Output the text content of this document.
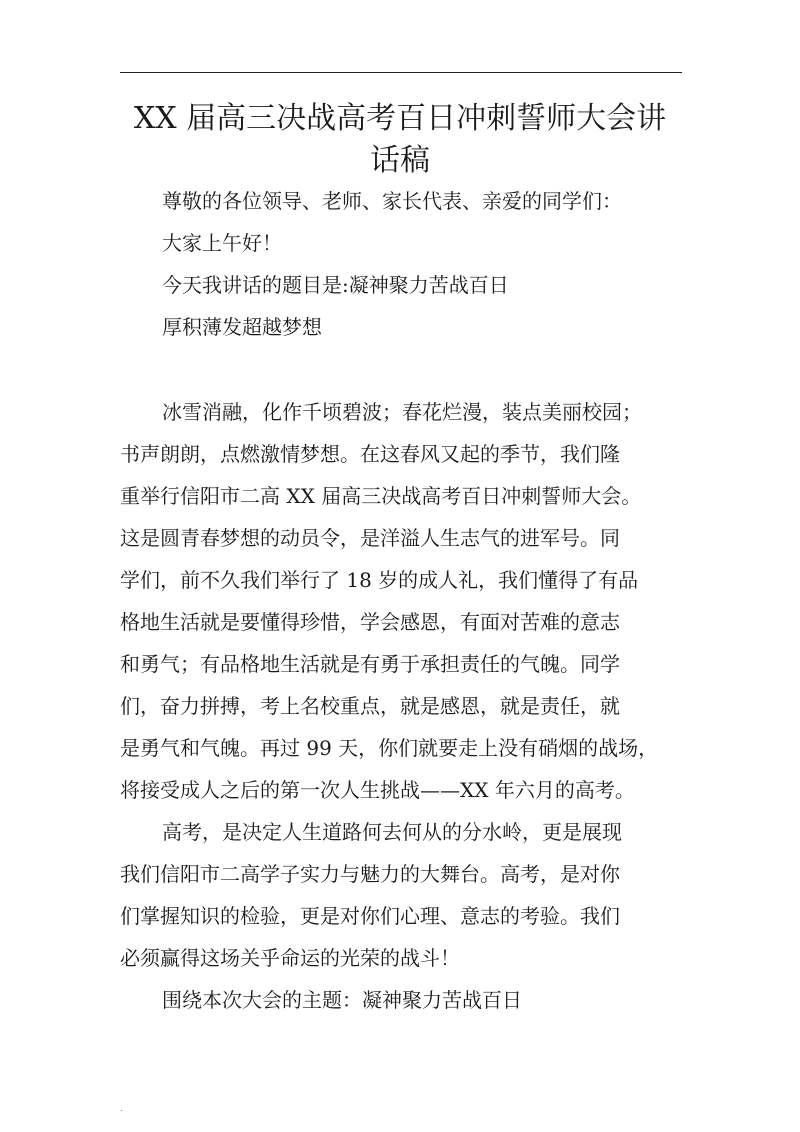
XX 届高三决战高考百日冲刺誓师大会讲
话稿

尊敬的各位领导、老师、家长代表、亲爱的同学们：

大家上午好！

今天我讲话的题目是:凝神聚力苦战百日

厚积薄发超越梦想

冰雪消融，化作千顷碧波；春花烂漫，装点美丽校园；

书声朗朗，点燃激情梦想。在这春风又起的季节，我们隆

重举行信阳市二高 XX 届高三决战高考百日冲刺誓师大会。

这是圆青春梦想的动员令，是洋溢人生志气的进军号。同

学们，前不久我们举行了 18 岁的成人礼，我们懂得了有品

格地生活就是要懂得珍惜，学会感恩，有面对苦难的意志

和勇气；有品格地生活就是有勇于承担责任的气魄。同学

们，奋力拼搏，考上名校重点，就是感恩，就是责任，就

是勇气和气魄。再过 99 天，你们就要走上没有硝烟的战场，

将接受成人之后的第一次人生挑战——XX 年六月的高考。

高考，是决定人生道路何去何从的分水岭，更是展现

我们信阳市二高学子实力与魅力的大舞台。高考，是对你

们掌握知识的检验，更是对你们心理、意志的考验。我们

必须赢得这场关乎命运的光荣的战斗！

围绕本次大会的主题：凝神聚力苦战百日

.
